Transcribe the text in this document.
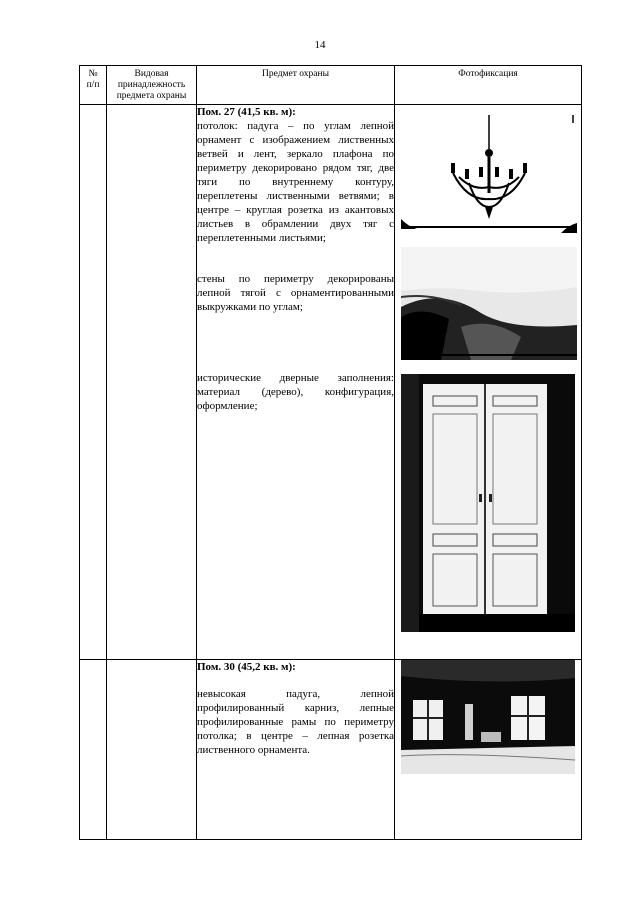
14
№
п/п	Видовая принадлежность предмета охраны	Предмет охраны	Фотофиксация

		Пом. 27 (41,5 кв. м):
потолок: падуга – по углам лепной орнамент с изображением лиственных ветвей и лент, зеркало плафона по периметру декорировано рядом тяг, две тяги по внутреннему контуру, переплетены лиственными ветвями; в центре – круглая розетка из акантовых листьев в обрамлении двух тяг с переплетенными листьями;
стены по периметру декорированы лепной тягой с орнаментированными выкружками по углам;
исторические дверные заполнения: материал (дерево), конфигурация, оформление;

		Пом. 30 (45,2 кв. м):
невысокая падуга, лепной профилированный карниз, лепные профилированные рамы по периметру потолка; в центре – лепная розетка лиственного орнамента.
